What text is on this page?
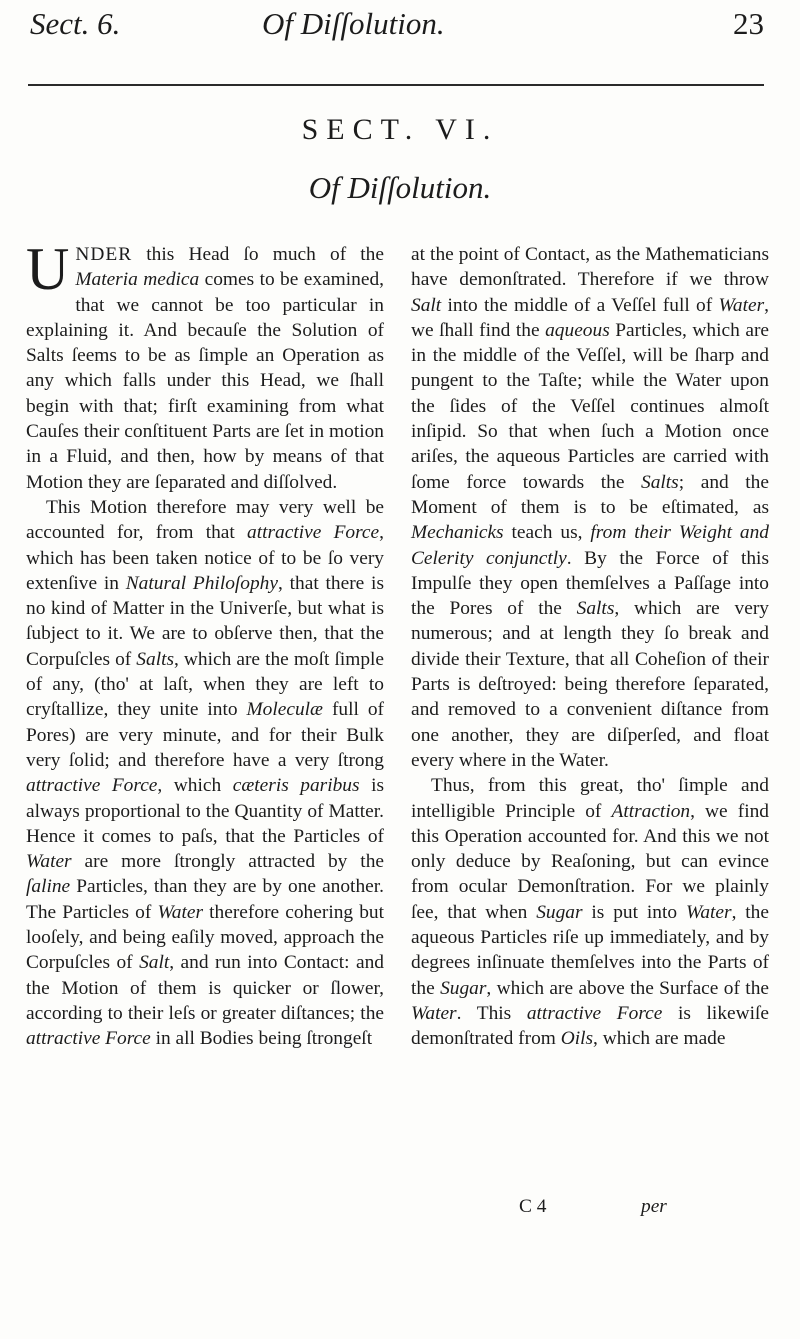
Sect. 6.	Of Diſſolution.	23
SECT. VI.
Of Diſſolution.

UNDER this Head ſo much of the Materia medica comes to be examined, that we cannot be too particular in explaining it. And becauſe the Solution of Salts ſeems to be as ſimple an Operation as any which falls under this Head, we ſhall begin with that; firſt examining from what Cauſes their conſtituent Parts are ſet in motion in a Fluid, and then, how by means of that Motion they are ſeparated and diſſolved.

This Motion therefore may very well be accounted for, from that attractive Force, which has been taken notice of to be ſo very extenſive in Natural Philoſophy, that there is no kind of Matter in the Univerſe, but what is ſubject to it. We are to obſerve then, that the Corpuſcles of Salts, which are the moſt ſimple of any, (tho' at laſt, when they are left to cryſtallize, they unite into Moleculæ full of Pores) are very minute, and for their Bulk very ſolid; and therefore have a very ſtrong attractive Force, which cæteris paribus is always proportional to the Quantity of Matter. Hence it comes to paſs, that the Particles of Water are more ſtrongly attracted by the ſaline Particles, than they are by one another. The Particles of Water therefore cohering but looſely, and being eaſily moved, approach the Corpuſcles of Salt, and run into Contact: and the Motion of them is quicker or ſlower, according to their leſs or greater diſtances; the attractive Force in all Bodies being ſtrongeſt

at the point of Contact, as the Mathematicians have demonſtrated. Therefore if we throw Salt into the middle of a Veſſel full of Water, we ſhall find the aqueous Particles, which are in the middle of the Veſſel, will be ſharp and pungent to the Taſte; while the Water upon the ſides of the Veſſel continues almoſt inſipid. So that when ſuch a Motion once ariſes, the aqueous Particles are carried with ſome force towards the Salts; and the Moment of them is to be eſtimated, as Mechanicks teach us, from their Weight and Celerity conjunctly. By the Force of this Impulſe they open themſelves a Paſſage into the Pores of the Salts, which are very numerous; and at length they ſo break and divide their Texture, that all Coheſion of their Parts is deſtroyed: being therefore ſeparated, and removed to a convenient diſtance from one another, they are diſperſed, and float every where in the Water.

Thus, from this great, tho' ſimple and intelligible Principle of Attraction, we find this Operation accounted for. And this we not only deduce by Reaſoning, but can evince from ocular Demonſtration. For we plainly ſee, that when Sugar is put into Water, the aqueous Particles riſe up immediately, and by degrees inſinuate themſelves into the Parts of the Sugar, which are above the Surface of the Water. This attractive Force is likewiſe demonſtrated from Oils, which are made

C 4	per
